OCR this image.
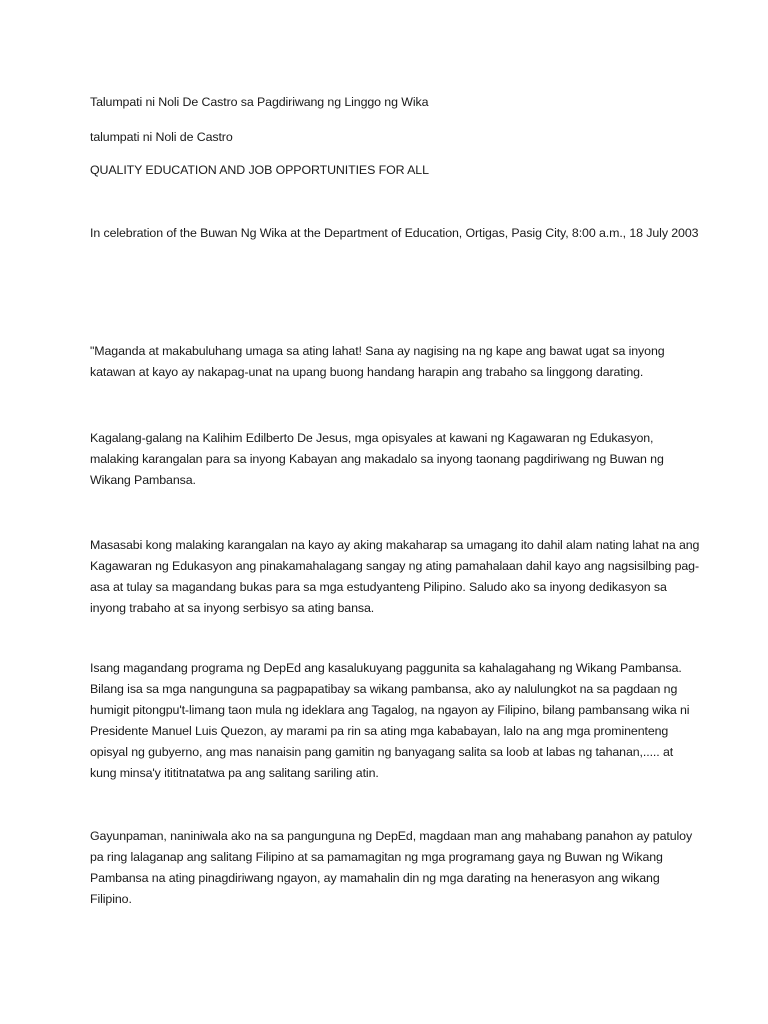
Talumpati ni Noli De Castro sa Pagdiriwang ng Linggo ng Wika

talumpati ni Noli de Castro

QUALITY EDUCATION AND JOB OPPORTUNITIES FOR ALL

In celebration of the Buwan Ng Wika at the Department of Education, Ortigas, Pasig City, 8:00 a.m., 18 July 2003

"Maganda at makabuluhang umaga sa ating lahat! Sana ay nagising na ng kape ang bawat ugat sa inyong katawan at kayo ay nakapag-unat na upang buong handang harapin ang trabaho sa linggong darating.

Kagalang-galang na Kalihim Edilberto De Jesus, mga opisyales at kawani ng Kagawaran ng Edukasyon, malaking karangalan para sa inyong Kabayan ang makadalo sa inyong taonang pagdiriwang ng Buwan ng Wikang Pambansa.

Masasabi kong malaking karangalan na kayo ay aking makaharap sa umagang ito dahil alam nating lahat na ang Kagawaran ng Edukasyon ang pinakamahalagang sangay ng ating pamahalaan dahil kayo ang nagsisilbing pag-asa at tulay sa magandang bukas para sa mga estudyanteng Pilipino. Saludo ako sa inyong dedikasyon sa inyong trabaho at sa inyong serbisyo sa ating bansa.

Isang magandang programa ng DepEd ang kasalukuyang paggunita sa kahalagahang ng Wikang Pambansa. Bilang isa sa mga nangunguna sa pagpapatibay sa wikang pambansa, ako ay nalulungkot na sa pagdaan ng humigit pitongpu't-limang taon mula ng ideklara ang Tagalog, na ngayon ay Filipino, bilang pambansang wika ni Presidente Manuel Luis Quezon, ay marami pa rin sa ating mga kababayan, lalo na ang mga prominenteng opisyal ng gubyerno, ang mas nanaisin pang gamitin ng banyagang salita sa loob at labas ng tahanan,..... at kung minsa'y itititnatatwa pa ang salitang sariling atin.

Gayunpaman, naniniwala ako na sa pangunguna ng DepEd, magdaan man ang mahabang panahon ay patuloy pa ring lalaganap ang salitang Filipino at sa pamamagitan ng mga programang gaya ng Buwan ng Wikang Pambansa na ating pinagdiriwang ngayon, ay mamahalin din ng mga darating na henerasyon ang wikang Filipino.
